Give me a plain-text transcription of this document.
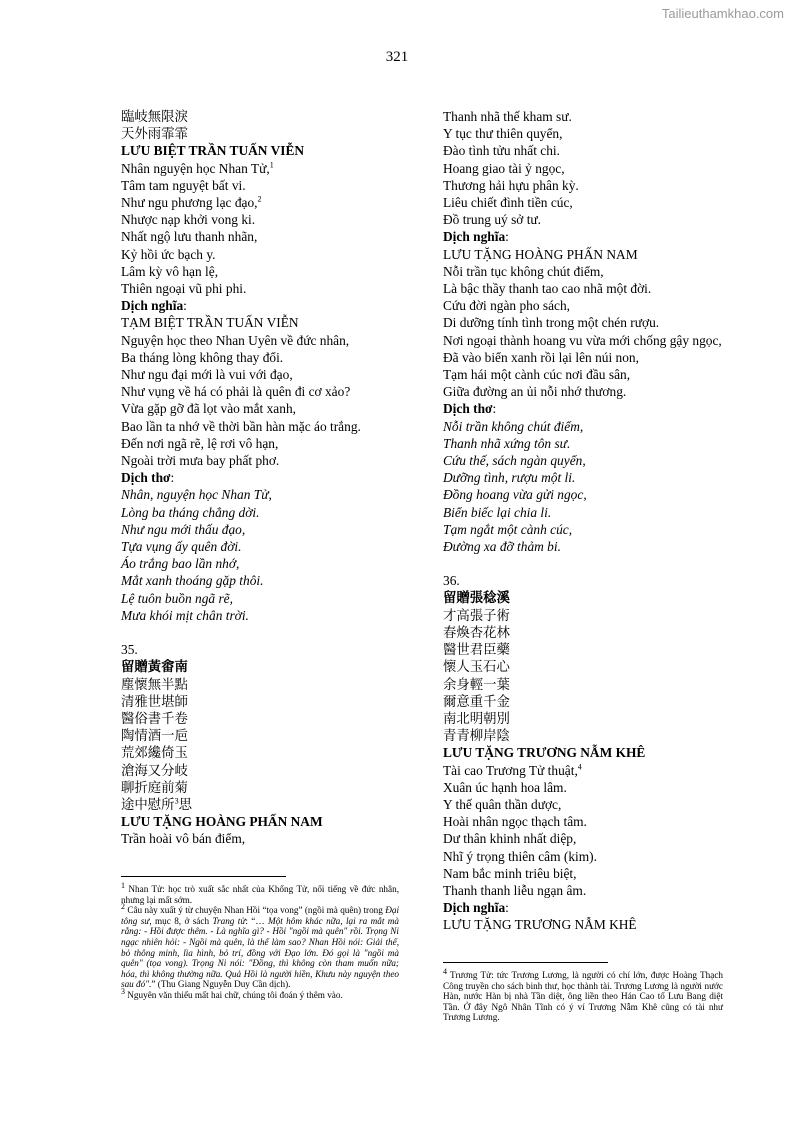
Tailieuthamkhao.com
321
臨岐無限淚
天外雨霏霏
LƯU BIỆT TRẦN TUẤN VIỄN
Nhân nguyện học Nhan Tử,$^1$
Tâm tam nguyệt bất vi.
Như ngu phương lạc đạo,$^2$
Nhược nạp khởi vong ki.
Nhất ngộ lưu thanh nhãn,
Kỷ hồi ức bạch y.
Lâm kỳ vô hạn lệ,
Thiên ngoại vũ phi phi.
Dịch nghĩa:
TẠM BIỆT TRẦN TUẤN VIỄN
Nguyện học theo Nhan Uyên về đức nhân,
Ba tháng lòng không thay đổi.
Như ngu đại mới là vui với đạo,
Như vụng về há có phải là quên đi cơ xảo?
Vừa gặp gỡ đã lọt vào mắt xanh,
Bao lần ta nhớ về thời bần hàn mặc áo trắng.
Đến nơi ngã rẽ, lệ rơi vô hạn,
Ngoài trời mưa bay phất phơ.
Dịch thơ:
Nhân, nguyện học Nhan Tử,
Lòng ba tháng chẳng dời.
Như ngu mới thấu đạo,
Tựa vụng ấy quên đời.
Áo trắng bao lần nhớ,
Mắt xanh thoáng gặp thôi.
Lệ tuôn buồn ngã rẽ,
Mưa khói mịt chân trời.
35.
留贈黃畬南
塵懷無半點
清雅世堪師
醫俗書千卷
陶情酒一巵
荒郊纔倚玉
滄海又分岐
聊折庭前菊
途中慰所$^3$思
LƯU TẶNG HOÀNG PHẤN NAM
Trần hoài vô bán điểm,
Thanh nhã thế kham sư.
Y tục thư thiên quyển,
Đào tình tửu nhất chi.
Hoang giao tài ỷ ngọc,
Thương hải hựu phân kỳ.
Liêu chiết đình tiền cúc,
Đồ trung uý sở tư.
Dịch nghĩa:
LƯU TẶNG HOÀNG PHẤN NAM
Nỗi trần tục không chút điểm,
Là bậc thầy thanh tao cao nhã một đời.
Cứu đời ngàn pho sách,
Di dưỡng tính tình trong một chén rượu.
Nơi ngoại thành hoang vu vừa mới chống gậy ngọc,
Đã vào biển xanh rồi lại lên núi non,
Tạm hái một cành cúc nơi đầu sân,
Giữa đường an ủi nỗi nhớ thương.
Dịch thơ:
Nỗi trần không chút điểm,
Thanh nhã xứng tôn sư.
Cứu thế, sách ngàn quyển,
Dưỡng tình, rượu một li.
Đồng hoang vừa gửi ngọc,
Biển biếc lại chia li.
Tạm ngắt một cành cúc,
Đường xa đỡ thảm bi.
36.
留贈張稔溪
才高張子術
春煥杏花林
醫世君臣藥
懷人玉石心
余身輕一葉
爾意重千金
南北明朝別
青青柳岸陰
LƯU TẶNG TRƯƠNG NẪM KHÊ
Tài cao Trương Tử thuật,$^4$
Xuân úc hạnh hoa lâm.
Y thế quân thần dược,
Hoài nhân ngọc thạch tâm.
Dư thân khinh nhất diệp,
Nhĩ ý trọng thiên câm (kim).
Nam bắc minh triêu biệt,
Thanh thanh liễu ngạn âm.
Dịch nghĩa:
LƯU TẶNG TRƯƠNG NẪM KHÊ

$^1$ Nhan Tử: học trò xuất sắc nhất của Khổng Tử, nổi tiếng về đức nhân, nhưng lại mất sớm.

$^2$ Câu này xuất ý từ chuyện Nhan Hồi “tọa vong” (ngồi mà quên) trong Đại tông sư, mục 8, ở sách Trang tử: “… Một hôm khác nữa, lại ra mắt mà rằng: - Hồi được thêm. - Là nghĩa gì? - Hồi "ngồi mà quên" rồi. Trọng Ni ngạc nhiên hỏi: - Ngồi mà quên, là thế làm sao? Nhan Hồi nói: Giải thể, bỏ thông minh, lìa hình, bỏ trí, đồng với Đạo lớn. Đó gọi là "ngồi mà quên" (tọa vong). Trọng Ni nói: "Đồng, thì không còn tham muốn nữa; hóa, thì không thường nữa. Quả Hồi là người hiền, Khưu này nguyện theo sau đó".” (Thu Giang Nguyễn Duy Cần dịch).

$^3$ Nguyên văn thiếu mất hai chữ, chúng tôi đoán ý thêm vào.

$^4$ Trương Tử: tức Trương Lương, là người có chí lớn, được Hoàng Thạch Công truyền cho sách binh thư, học thành tài. Trương Lương là người nước Hàn, nước Hàn bị nhà Tần diệt, ông liền theo Hán Cao tổ Lưu Bang diệt Tần. Ở đây Ngô Nhân Tĩnh có ý ví Trương Nẫm Khê cũng có tài như Trương Lương.
